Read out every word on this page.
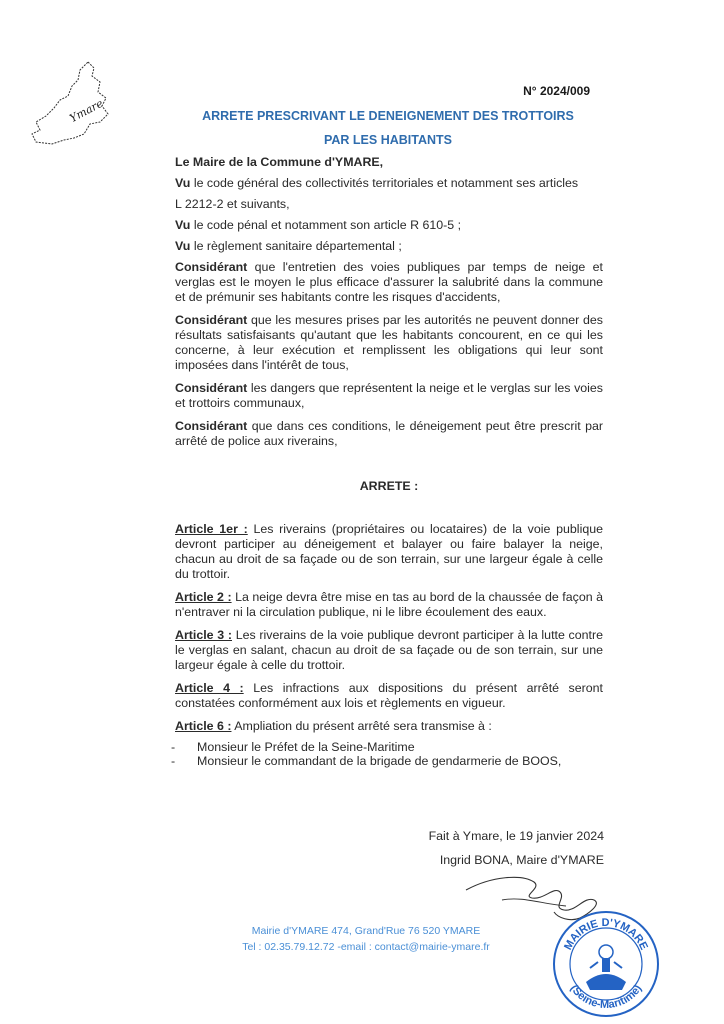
Ymare
N° 2024/009
ARRETE PRESCRIVANT LE DENEIGNEMENT DES TROTTOIRS
PAR LES HABITANTS

Le Maire de la Commune d'YMARE,

Vu le code général des collectivités territoriales et notamment ses articles

L 2212-2 et suivants,

Vu le code pénal et notamment son article R 610-5 ;

Vu le règlement sanitaire départemental ;

Considérant que l'entretien des voies publiques par temps de neige et verglas est le moyen le plus efficace d'assurer la salubrité dans la commune et de prémunir ses habitants contre les risques d'accidents,

Considérant que les mesures prises par les autorités ne peuvent donner des résultats satisfaisants qu'autant que les habitants concourent, en ce qui les concerne, à leur exécution et remplissent les obligations qui leur sont imposées dans l'intérêt de tous,

Considérant les dangers que représentent la neige et le verglas sur les voies et trottoirs communaux,

Considérant que dans ces conditions, le déneigement peut être prescrit par arrêté de police aux riverains,

ARRETE :

Article 1er : Les riverains (propriétaires ou locataires) de la voie publique devront participer au déneigement et balayer ou faire balayer la neige, chacun au droit de sa façade ou de son terrain, sur une largeur égale à celle du trottoir.

Article 2 : La neige devra être mise en tas au bord de la chaussée de façon à n'entraver ni la circulation publique, ni le libre écoulement des eaux.

Article 3 : Les riverains de la voie publique devront participer à la lutte contre le verglas en salant, chacun au droit de sa façade ou de son terrain, sur une largeur égale à celle du trottoir.

Article 4 : Les infractions aux dispositions du présent arrêté seront constatées conformément aux lois et règlements en vigueur.

Article 6 : Ampliation du présent arrêté sera transmise à :

- Monsieur le Préfet de la Seine-Maritime
- Monsieur le commandant de la brigade de gendarmerie de BOOS,
Fait à Ymare, le 19 janvier 2024
Ingrid BONA, Maire d'YMARE
Mairie d'YMARE 474, Grand'Rue 76 520 YMARE
Tel : 02.35.79.12.72 -email : contact@mairie-ymare.fr	MAIRIE D'YMARE
(Seine-Maritime)
